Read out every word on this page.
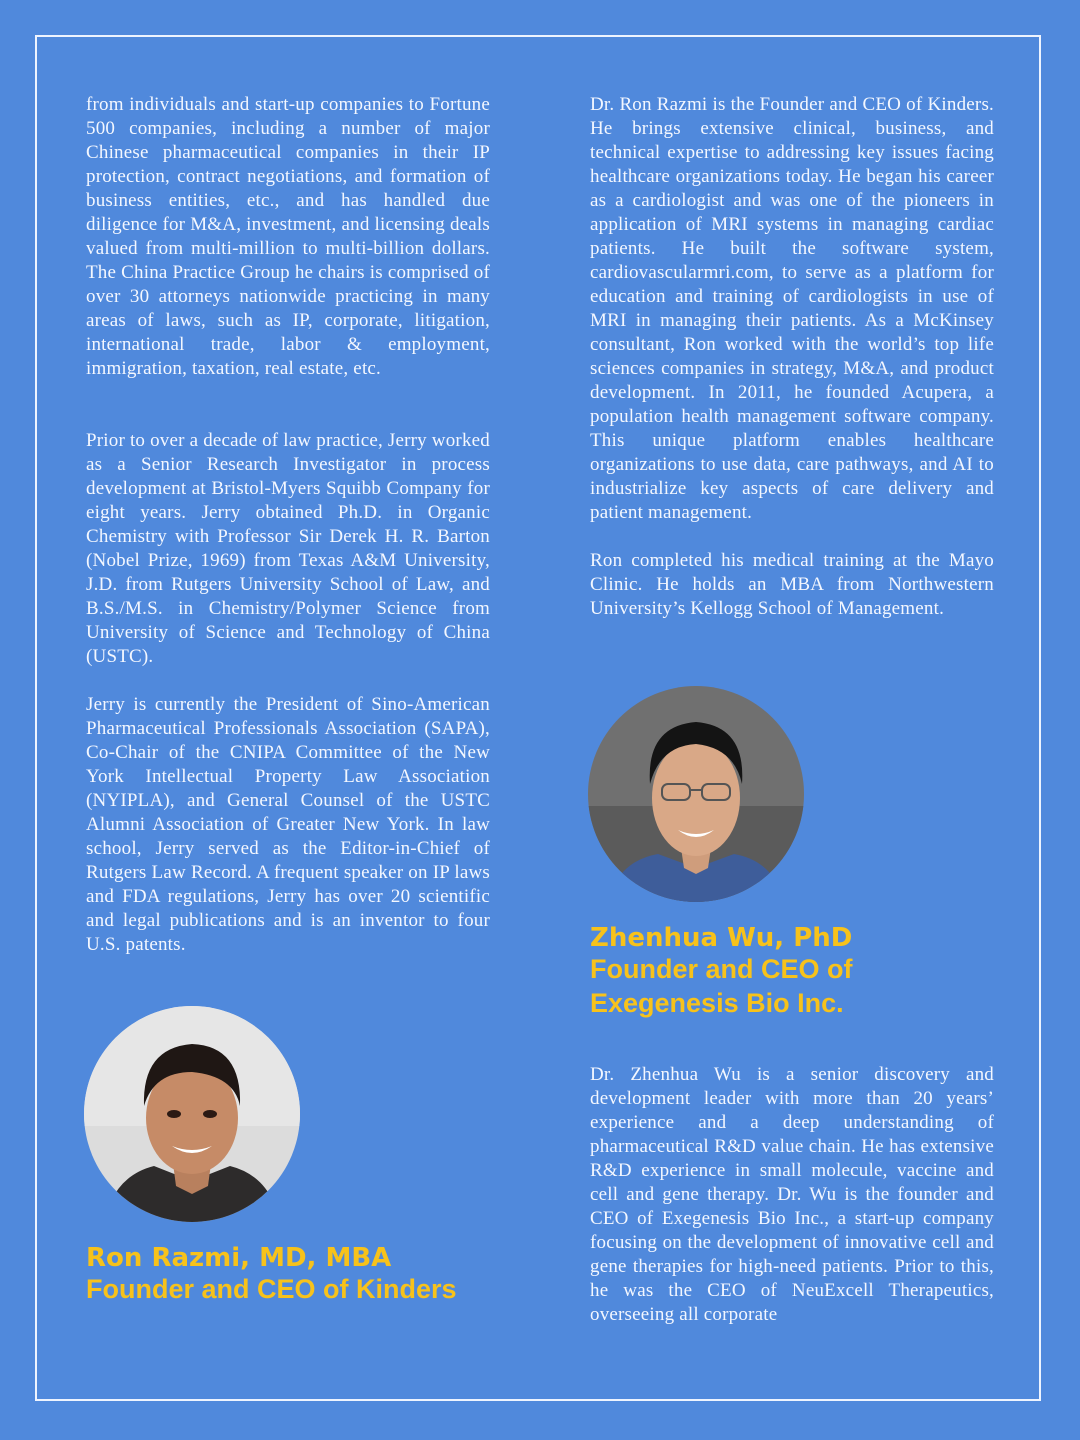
from individuals and start-up companies to Fortune 500 companies, including a number of major Chinese pharmaceutical companies in their IP protection, contract negotiations, and formation of business entities, etc., and has handled due diligence for M&A, investment, and licensing deals valued from multi-million to multi-billion dollars. The China Practice Group he chairs is comprised of over 30 attorneys nationwide practicing in many areas of laws, such as IP, corporate, litigation, international trade, labor & employment, immigration, taxation, real estate, etc.

Prior to over a decade of law practice, Jerry worked as a Senior Research Investigator in process development at Bristol-Myers Squibb Company for eight years. Jerry obtained Ph.D. in Organic Chemistry with Professor Sir Derek H. R. Barton (Nobel Prize, 1969) from Texas A&M University, J.D. from Rutgers University School of Law, and B.S./M.S. in Chemistry/Polymer Science from University of Science and Technology of China (USTC).

Jerry is currently the President of Sino-American Pharmaceutical Professionals Association (SAPA), Co-Chair of the CNIPA Committee of the New York Intellectual Property Law Association (NYIPLA), and General Counsel of the USTC Alumni Association of Greater New York. In law school, Jerry served as the Editor-in-Chief of Rutgers Law Record. A frequent speaker on IP laws and FDA regulations, Jerry has over 20 scientific and legal publications and is an inventor to four U.S. patents.

Ron Razmi, MD, MBA
Founder and CEO of Kinders

Dr. Ron Razmi is the Founder and CEO of Kinders. He brings extensive clinical, business, and technical expertise to addressing key issues facing healthcare organizations today. He began his career as a cardiologist and was one of the pioneers in application of MRI systems in managing cardiac patients. He built the software system, cardiovascularmri.com, to serve as a platform for education and training of cardiologists in use of MRI in managing their patients. As a McKinsey consultant, Ron worked with the world’s top life sciences companies in strategy, M&A, and product development. In 2011, he founded Acupera, a population health management software company. This unique platform enables healthcare organizations to use data, care pathways, and AI to industrialize key aspects of care delivery and patient management.

Ron completed his medical training at the Mayo Clinic. He holds an MBA from Northwestern University’s Kellogg School of Management.

Zhenhua Wu, PhD
Founder and CEO of
Exegenesis Bio Inc.

Dr. Zhenhua Wu is a senior discovery and development leader with more than 20 years’ experience and a deep understanding of pharmaceutical R&D value chain. He has extensive R&D experience in small molecule, vaccine and cell and gene therapy. Dr. Wu is the founder and CEO of Exegenesis Bio Inc., a start-up company focusing on the development of innovative cell and gene therapies for high-need patients. Prior to this, he was the CEO of NeuExcell Therapeutics, overseeing all corporate
